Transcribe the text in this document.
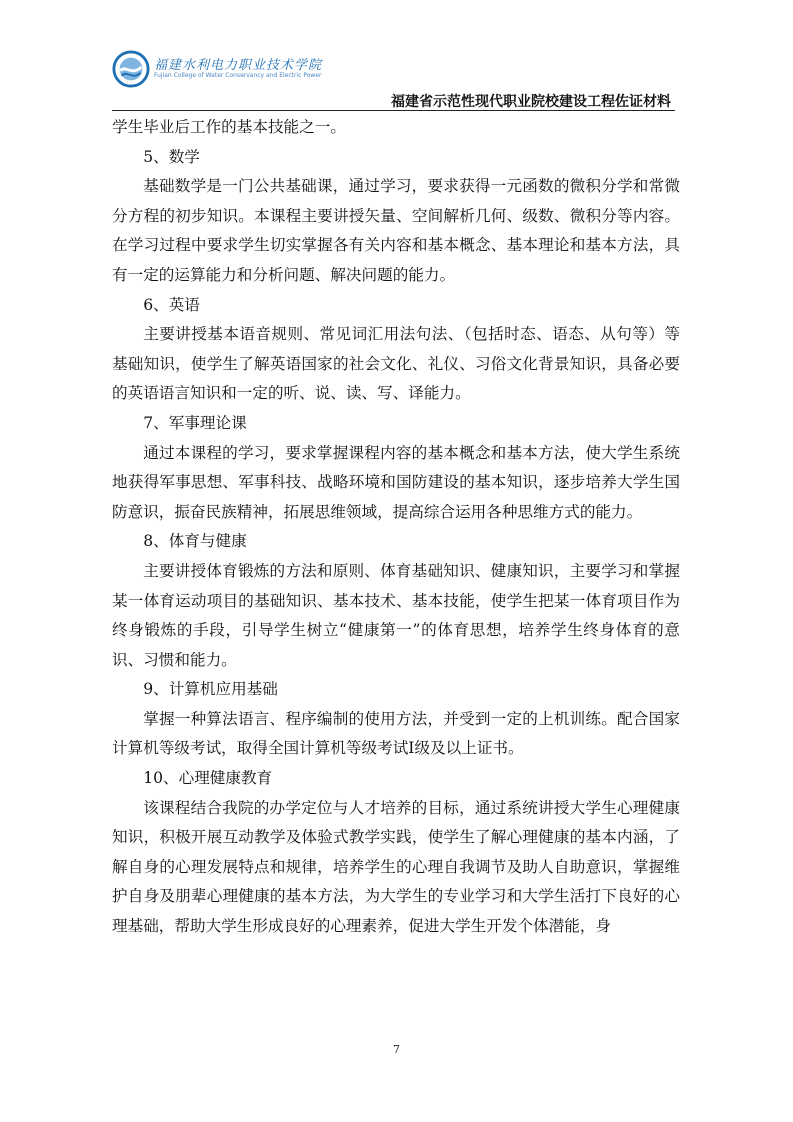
福建水利电力职业技术学院
Fujian College of Water Conservancy and Electric Power
福建省示范性现代职业院校建设工程佐证材料

学生毕业后工作的基本技能之一。

5、数学

基础数学是一门公共基础课，通过学习，要求获得一元函数的微积分学和常微分方程的初步知识。本课程主要讲授矢量、空间解析几何、级数、微积分等内容。在学习过程中要求学生切实掌握各有关内容和基本概念、基本理论和基本方法，具有一定的运算能力和分析问题、解决问题的能力。

6、英语

主要讲授基本语音规则、常见词汇用法句法、（包括时态、语态、从句等）等基础知识，使学生了解英语国家的社会文化、礼仪、习俗文化背景知识，具备必要的英语语言知识和一定的听、说、读、写、译能力。

7、军事理论课

通过本课程的学习，要求掌握课程内容的基本概念和基本方法，使大学生系统地获得军事思想、军事科技、战略环境和国防建设的基本知识，逐步培养大学生国防意识，振奋民族精神，拓展思维领域，提高综合运用各种思维方式的能力。

8、体育与健康

主要讲授体育锻炼的方法和原则、体育基础知识、健康知识，主要学习和掌握某一体育运动项目的基础知识、基本技术、基本技能，使学生把某一体育项目作为终身锻炼的手段，引导学生树立“健康第一”的体育思想，培养学生终身体育的意识、习惯和能力。

9、计算机应用基础

掌握一种算法语言、程序编制的使用方法，并受到一定的上机训练。配合国家计算机等级考试，取得全国计算机等级考试Ⅰ级及以上证书。

10、心理健康教育

该课程结合我院的办学定位与人才培养的目标，通过系统讲授大学生心理健康知识，积极开展互动教学及体验式教学实践，使学生了解心理健康的基本内涵，了解自身的心理发展特点和规律，培养学生的心理自我调节及助人自助意识，掌握维护自身及朋辈心理健康的基本方法，为大学生的专业学习和大学生活打下良好的心理基础，帮助大学生形成良好的心理素养，促进大学生开发个体潜能，身

7
